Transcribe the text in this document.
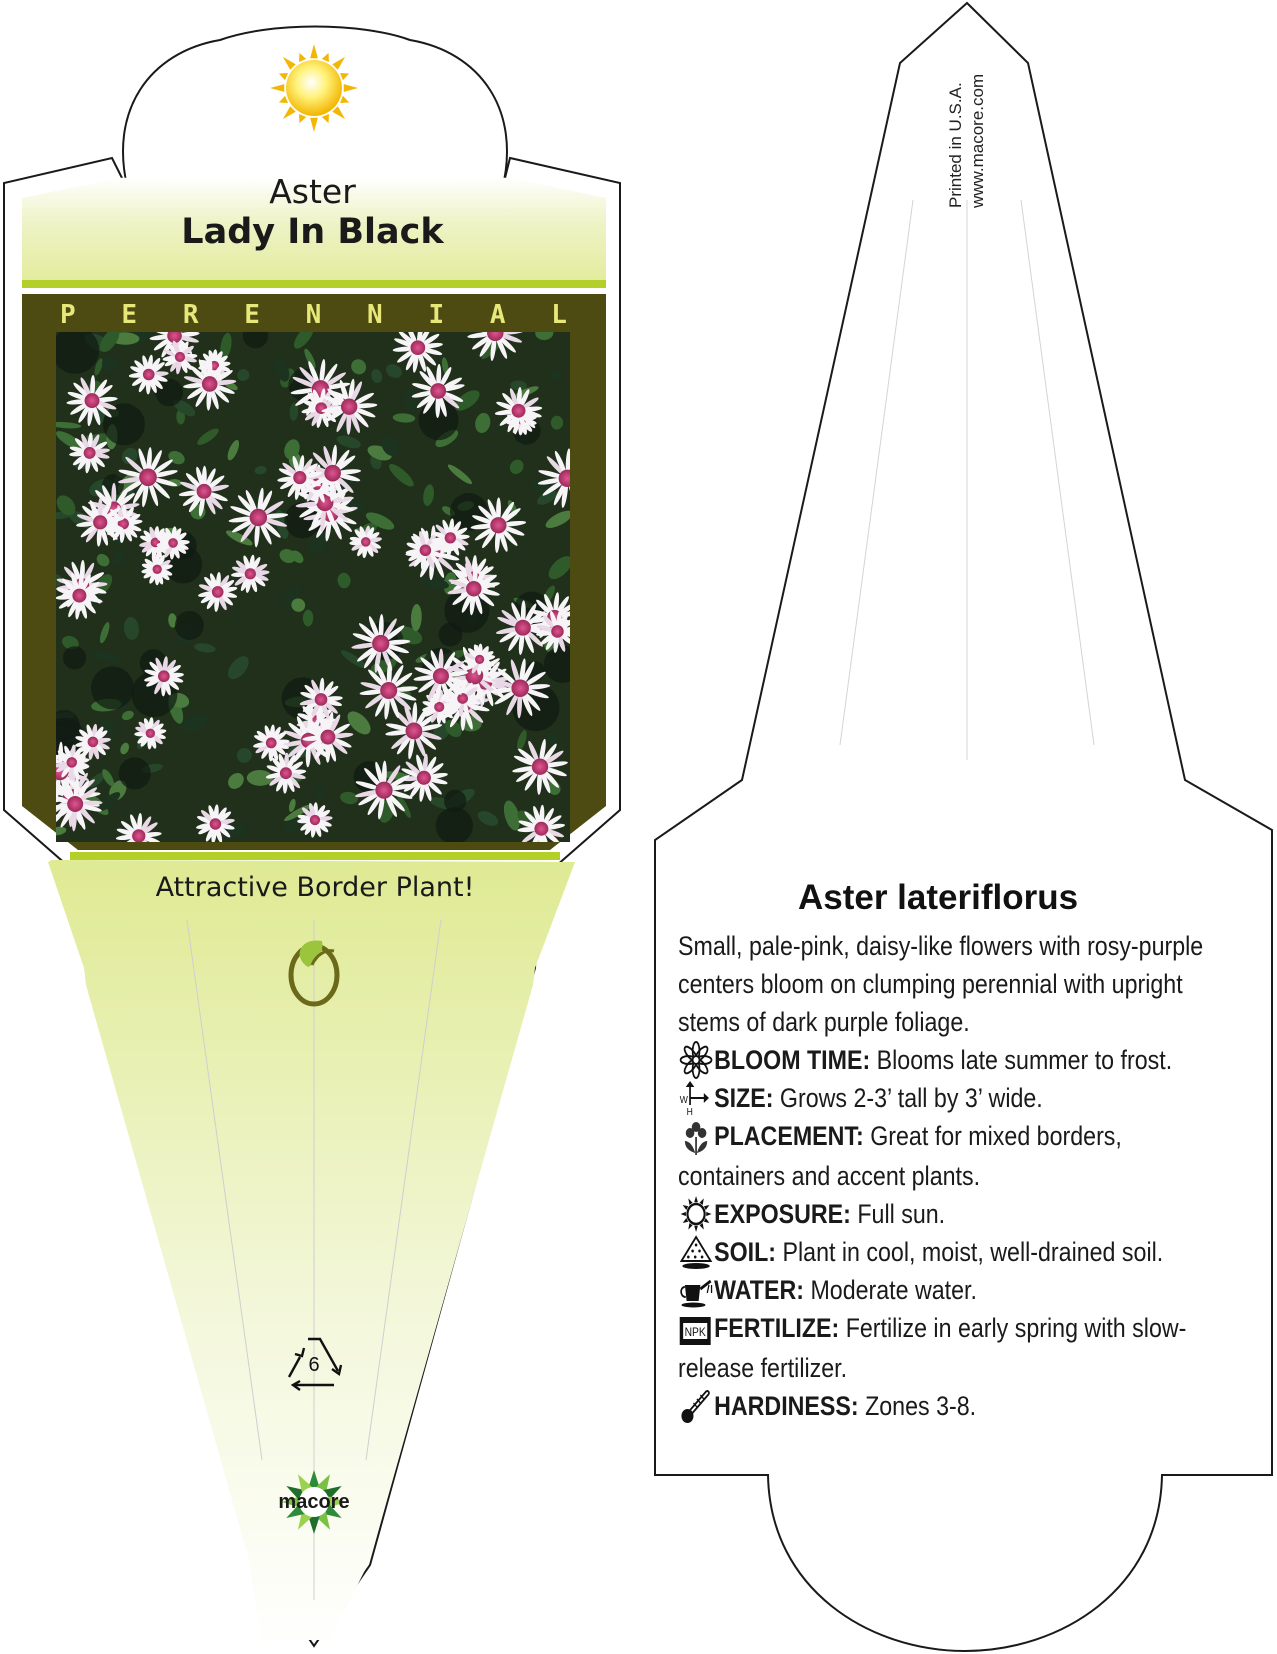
Aster
Lady In Black
P E R E N N I A L
Attractive Border Plant!
6
macore
Printed in U.S.A. www.macore.com
Aster lateriflorus
Small, pale-pink, daisy-like flowers with rosy-purple centers bloom on clumping perennial with upright stems of dark purple foliage.
BLOOM TIME: Blooms late summer to frost.
W
H SIZE: Grows 2-3’ tall by 3’ wide.
PLACEMENT: Great for mixed borders, containers and accent plants.
EXPOSURE: Full sun.
SOIL: Plant in cool, moist, well-drained soil.
WATER: Moderate water.
NPK FERTILIZE: Fertilize in early spring with slow-release fertilizer.
HARDINESS: Zones 3-8.
